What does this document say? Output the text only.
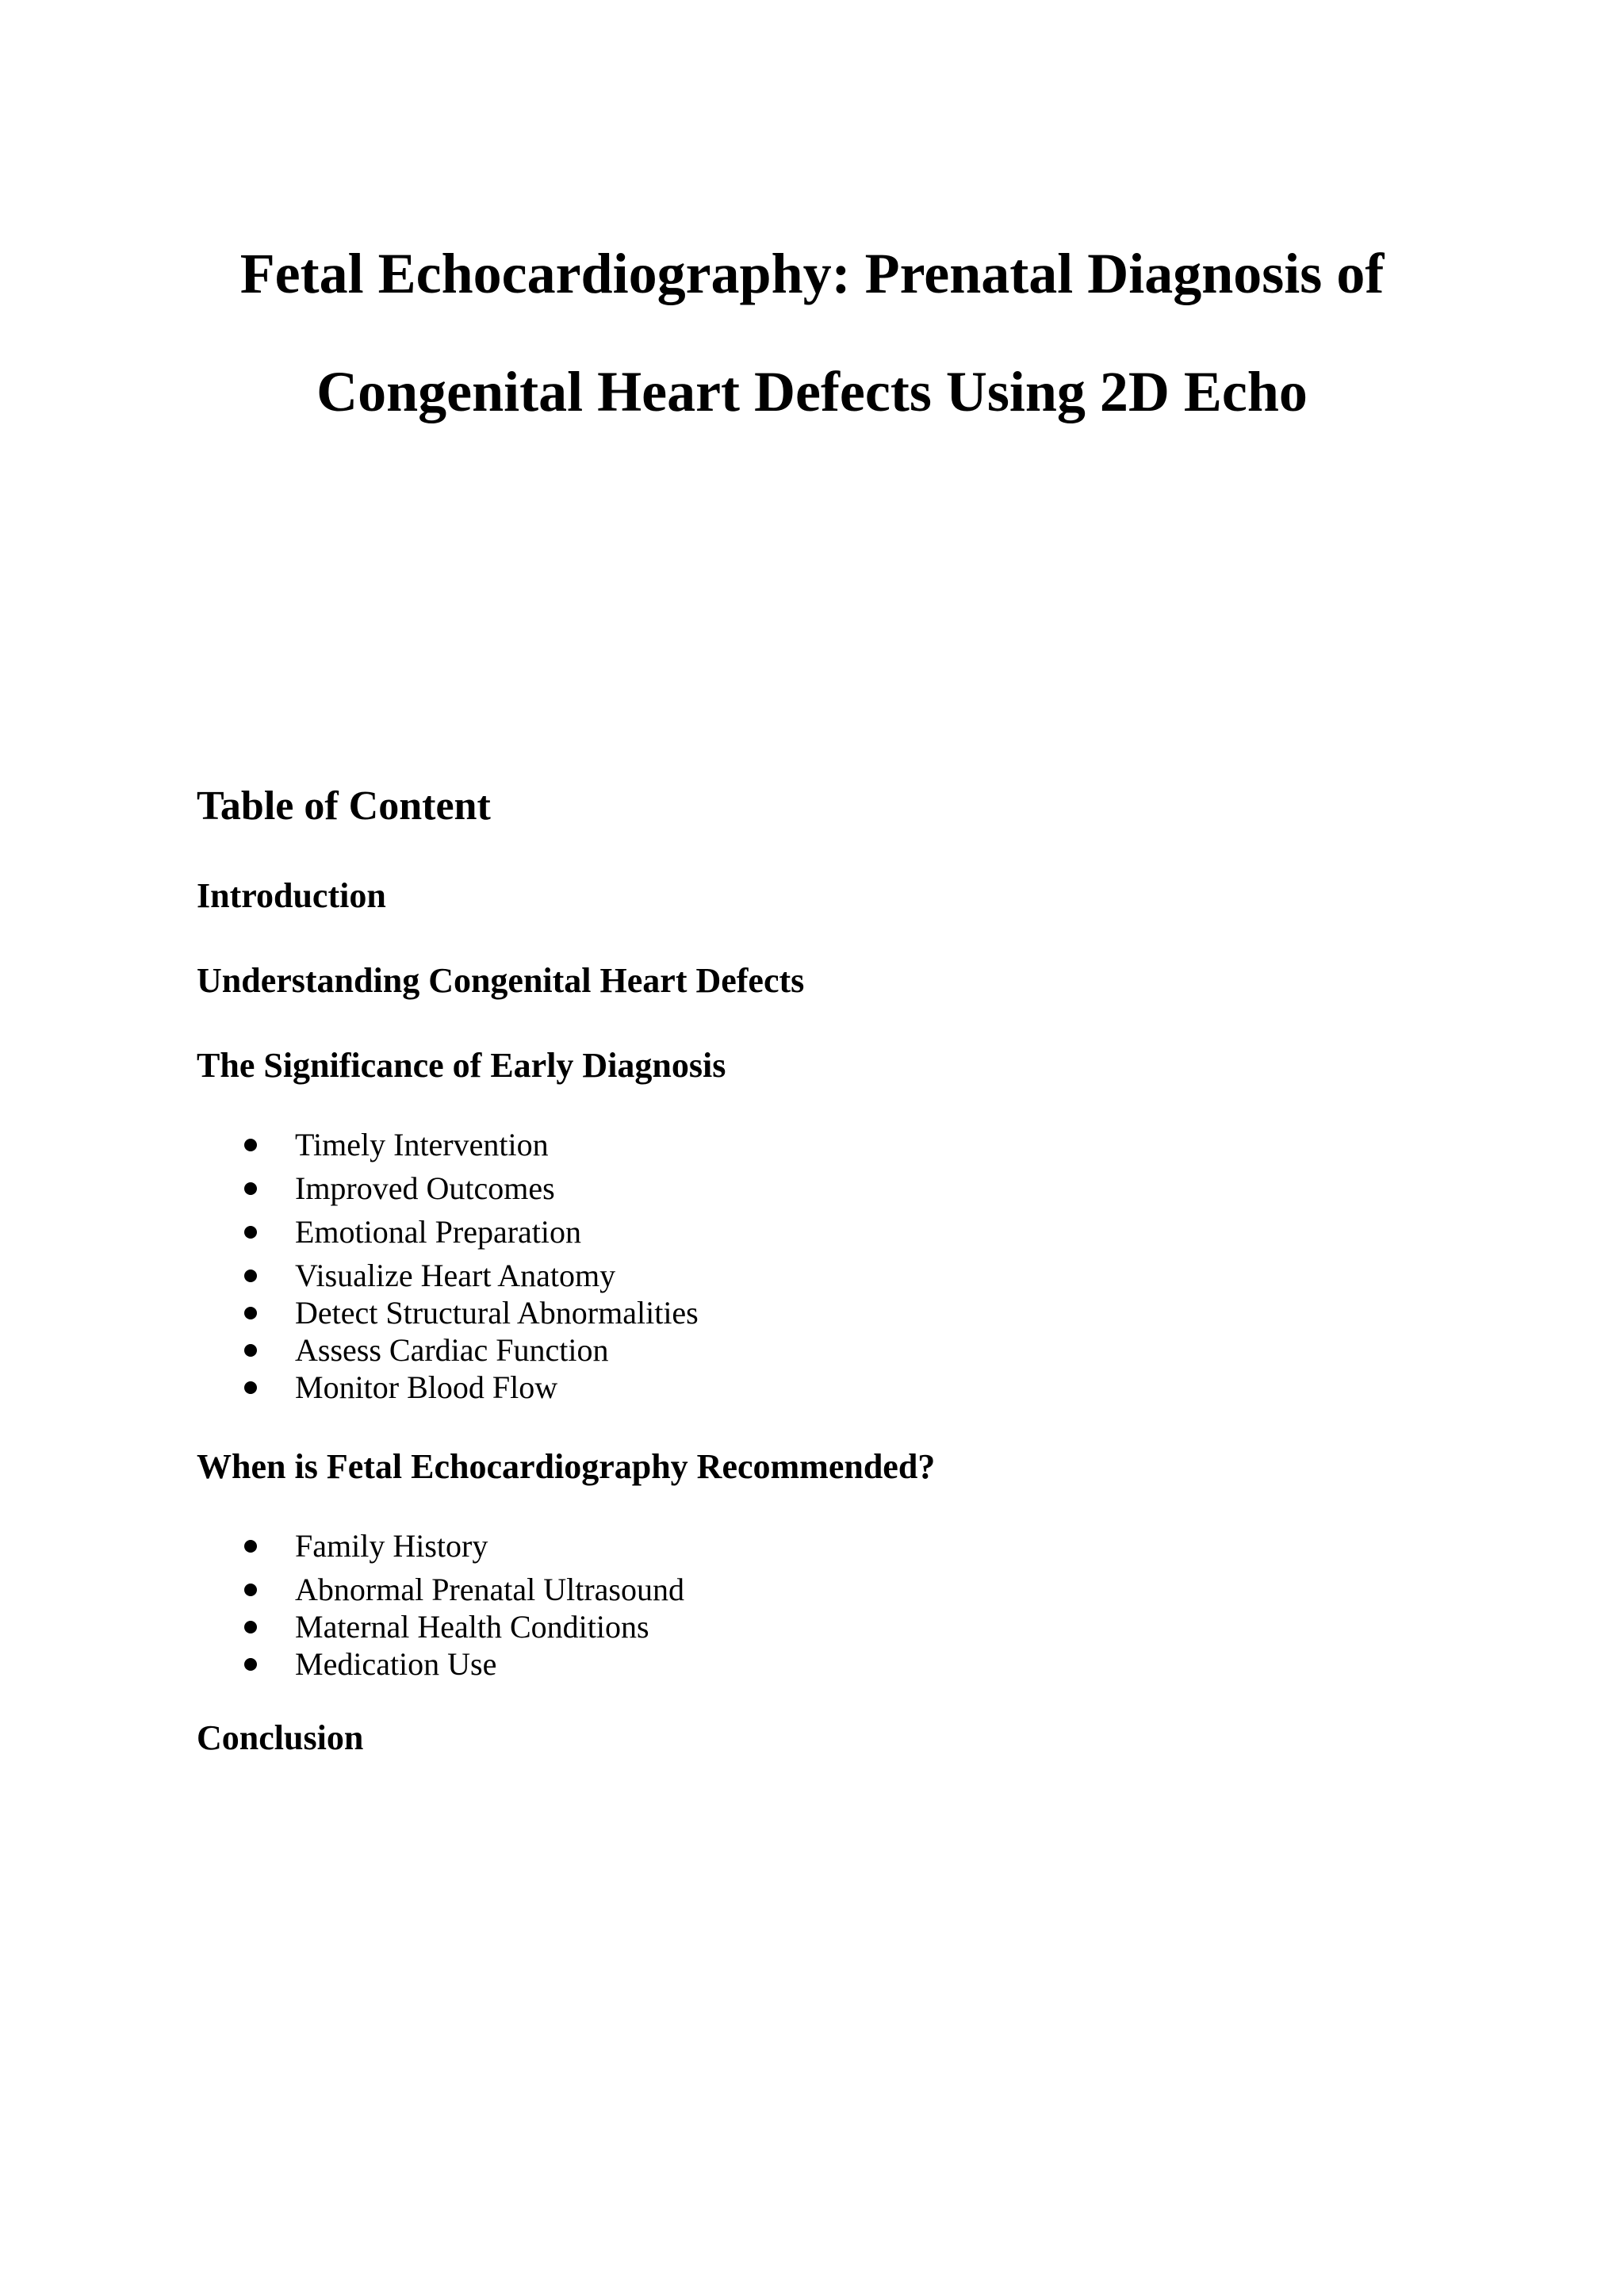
Fetal Echocardiography: Prenatal Diagnosis of
Congenital Heart Defects Using 2D Echo
Table of Content
Introduction
Understanding Congenital Heart Defects
The Significance of Early Diagnosis
Timely Intervention
Improved Outcomes
Emotional Preparation
Visualize Heart Anatomy
Detect Structural Abnormalities
Assess Cardiac Function
Monitor Blood Flow
When is Fetal Echocardiography Recommended?
Family History
Abnormal Prenatal Ultrasound
Maternal Health Conditions
Medication Use
Conclusion
